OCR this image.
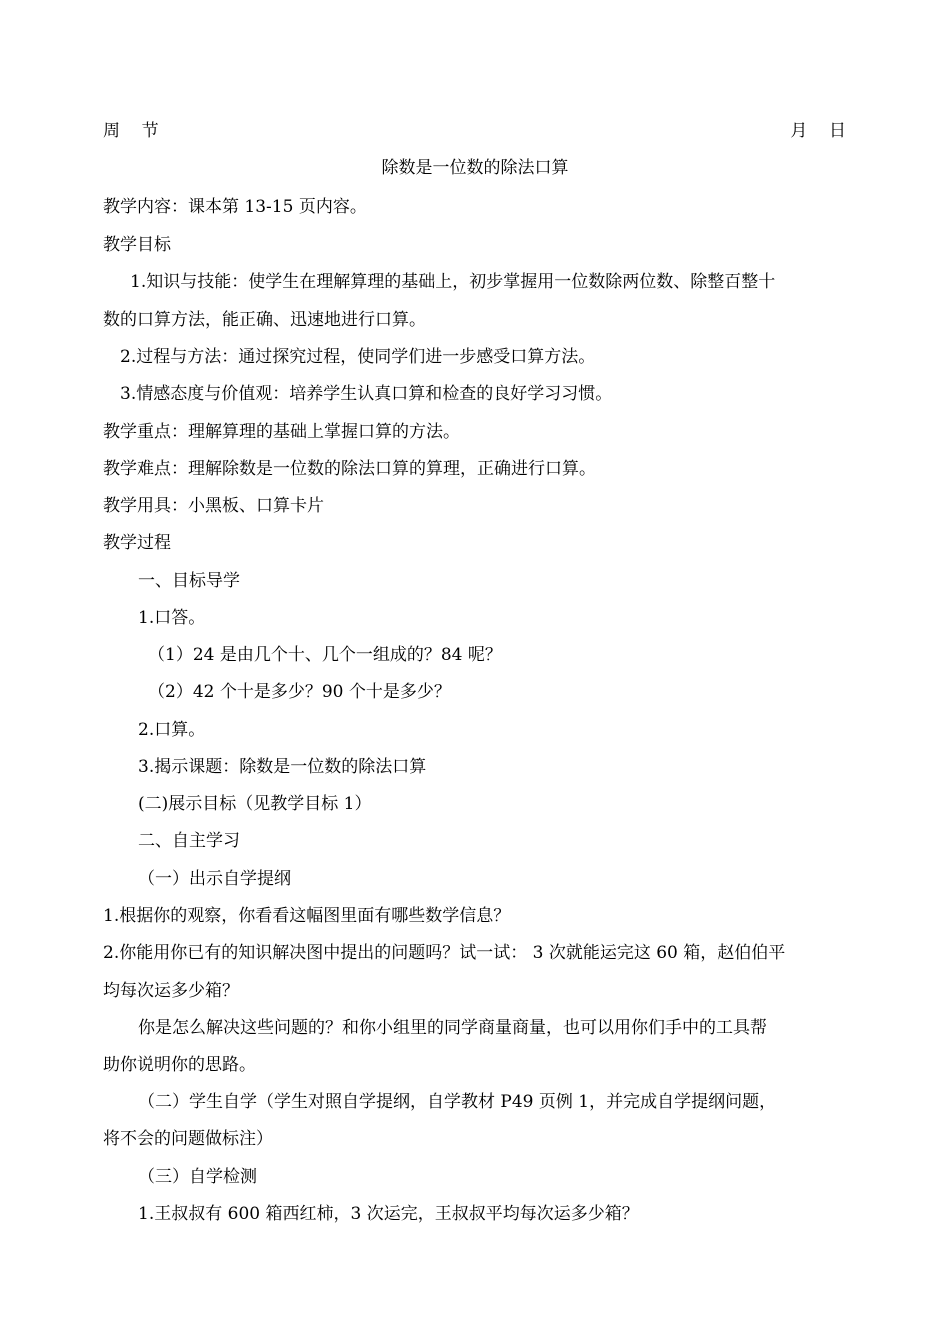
周    节	月    日
除数是一位数的除法口算
教学内容：课本第 13-15 页内容。
教学目标
1.知识与技能：使学生在理解算理的基础上，初步掌握用一位数除两位数、除整百整十
数的口算方法，能正确、迅速地进行口算。
2.过程与方法：通过探究过程，使同学们进一步感受口算方法。
3.情感态度与价值观：培养学生认真口算和检查的良好学习习惯。
教学重点：理解算理的基础上掌握口算的方法。
教学难点：理解除数是一位数的除法口算的算理，正确进行口算。
教学用具：小黑板、口算卡片
教学过程
一、目标导学
1.口答。
（1）24 是由几个十、几个一组成的？84 呢？
（2）42 个十是多少？90 个十是多少？
2.口算。
3.揭示课题：除数是一位数的除法口算
(二)展示目标（见教学目标 1）
二、自主学习
（一）出示自学提纲
1.根据你的观察，你看看这幅图里面有哪些数学信息？
2.你能用你已有的知识解决图中提出的问题吗？试一试： 3 次就能运完这 60 箱，赵伯伯平
均每次运多少箱？
你是怎么解决这些问题的？和你小组里的同学商量商量，也可以用你们手中的工具帮
助你说明你的思路。
（二）学生自学（学生对照自学提纲，自学教材 P49 页例 1，并完成自学提纲问题，
将不会的问题做标注）
（三）自学检测
1.王叔叔有 600 箱西红柿，3 次运完，王叔叔平均每次运多少箱？
